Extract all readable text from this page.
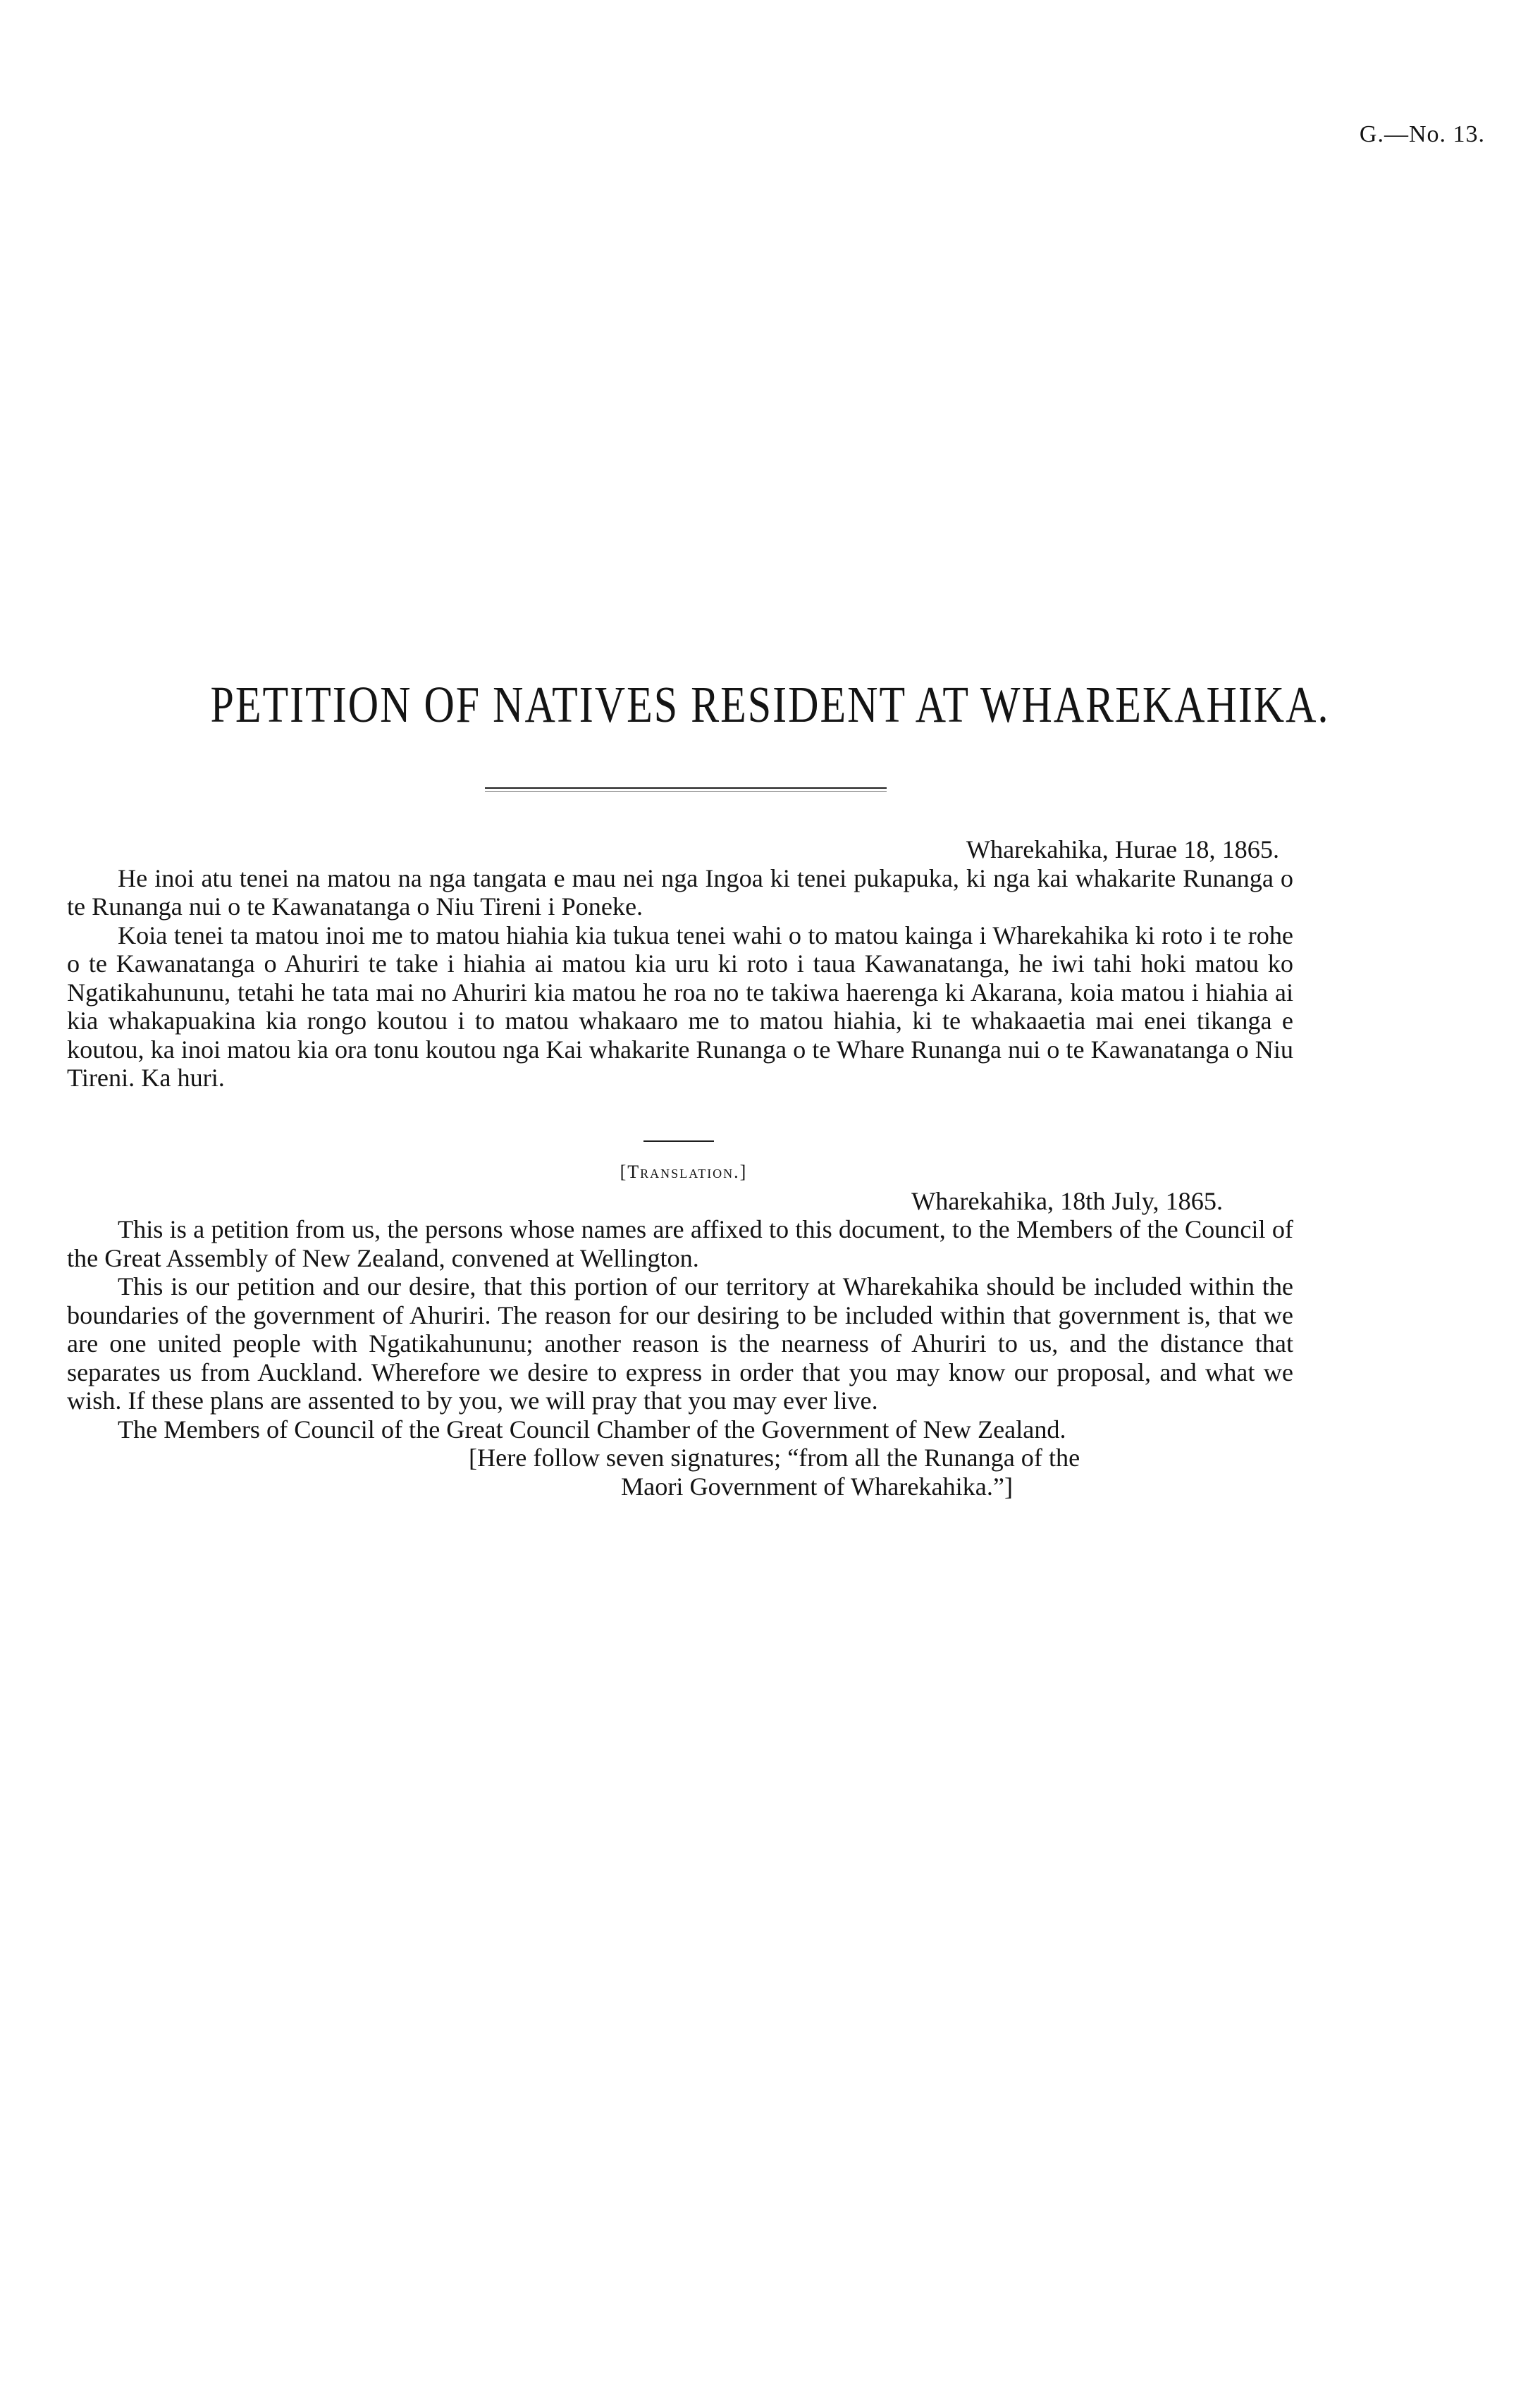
G.—No. 13.
PETITION OF NATIVES RESIDENT AT WHAREKAHIKA.

Wharekahika, Hurae 18, 1865.

He inoi atu tenei na matou na nga tangata e mau nei nga Ingoa ki tenei pukapuka, ki nga kai whakarite Runanga o te Runanga nui o te Kawanatanga o Niu Tireni i Poneke.

Koia tenei ta matou inoi me to matou hiahia kia tukua tenei wahi o to matou kainga i Wharekahika ki roto i te rohe o te Kawanatanga o Ahuriri te take i hiahia ai matou kia uru ki roto i taua Kawanatanga, he iwi tahi hoki matou ko Ngatikahununu, tetahi he tata mai no Ahuriri kia matou he roa no te takiwa haerenga ki Akarana, koia matou i hiahia ai kia whakapuakina kia rongo koutou i to matou whakaaro me to matou hiahia, ki te whakaaetia mai enei tikanga e koutou, ka inoi matou kia ora tonu koutou nga Kai whakarite Runanga o te Whare Runanga nui o te Kawanatanga o Niu Tireni. Ka huri.

[Translation.]

Wharekahika, 18th July, 1865.

This is a petition from us, the persons whose names are affixed to this document, to the Members of the Council of the Great Assembly of New Zealand, convened at Wellington.

This is our petition and our desire, that this portion of our territory at Wharekahika should be included within the boundaries of the government of Ahuriri. The reason for our desiring to be included within that government is, that we are one united people with Ngatikahununu; another reason is the nearness of Ahuriri to us, and the distance that separates us from Auckland. Wherefore we desire to express in order that you may know our proposal, and what we wish. If these plans are assented to by you, we will pray that you may ever live.

The Members of Council of the Great Council Chamber of the Government of New Zealand.

[Here follow seven signatures; “from all the Runanga of the

Maori Government of Wharekahika.”]
